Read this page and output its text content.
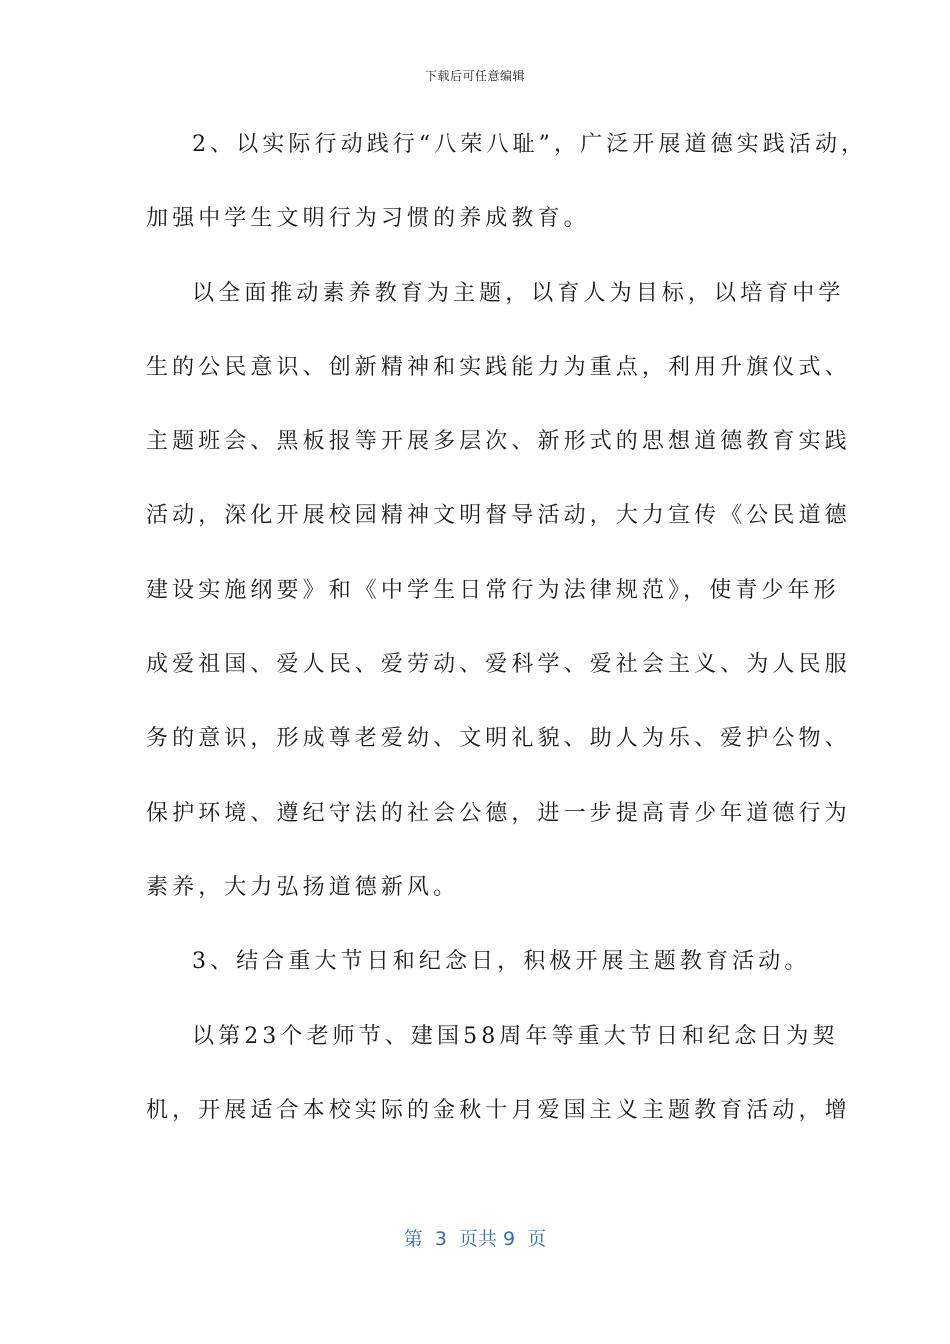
下载后可任意编辑
2、以实际行动践行“八荣八耻”，广泛开展道德实践活动，
加强中学生文明行为习惯的养成教育。
以全面推动素养教育为主题，以育人为目标，以培育中学
生的公民意识、创新精神和实践能力为重点，利用升旗仪式、
主题班会、黑板报等开展多层次、新形式的思想道德教育实践
活动，深化开展校园精神文明督导活动，大力宣传《公民道德
建设实施纲要》和《中学生日常行为法律规范》，使青少年形
成爱祖国、爱人民、爱劳动、爱科学、爱社会主义、为人民服
务的意识，形成尊老爱幼、文明礼貌、助人为乐、爱护公物、
保护环境、遵纪守法的社会公德，进一步提高青少年道德行为
素养，大力弘扬道德新风。
3、结合重大节日和纪念日，积极开展主题教育活动。
以第23个老师节、建国58周年等重大节日和纪念日为契
机，开展适合本校实际的金秋十月爱国主义主题教育活动，增
第  3  页共 9  页
